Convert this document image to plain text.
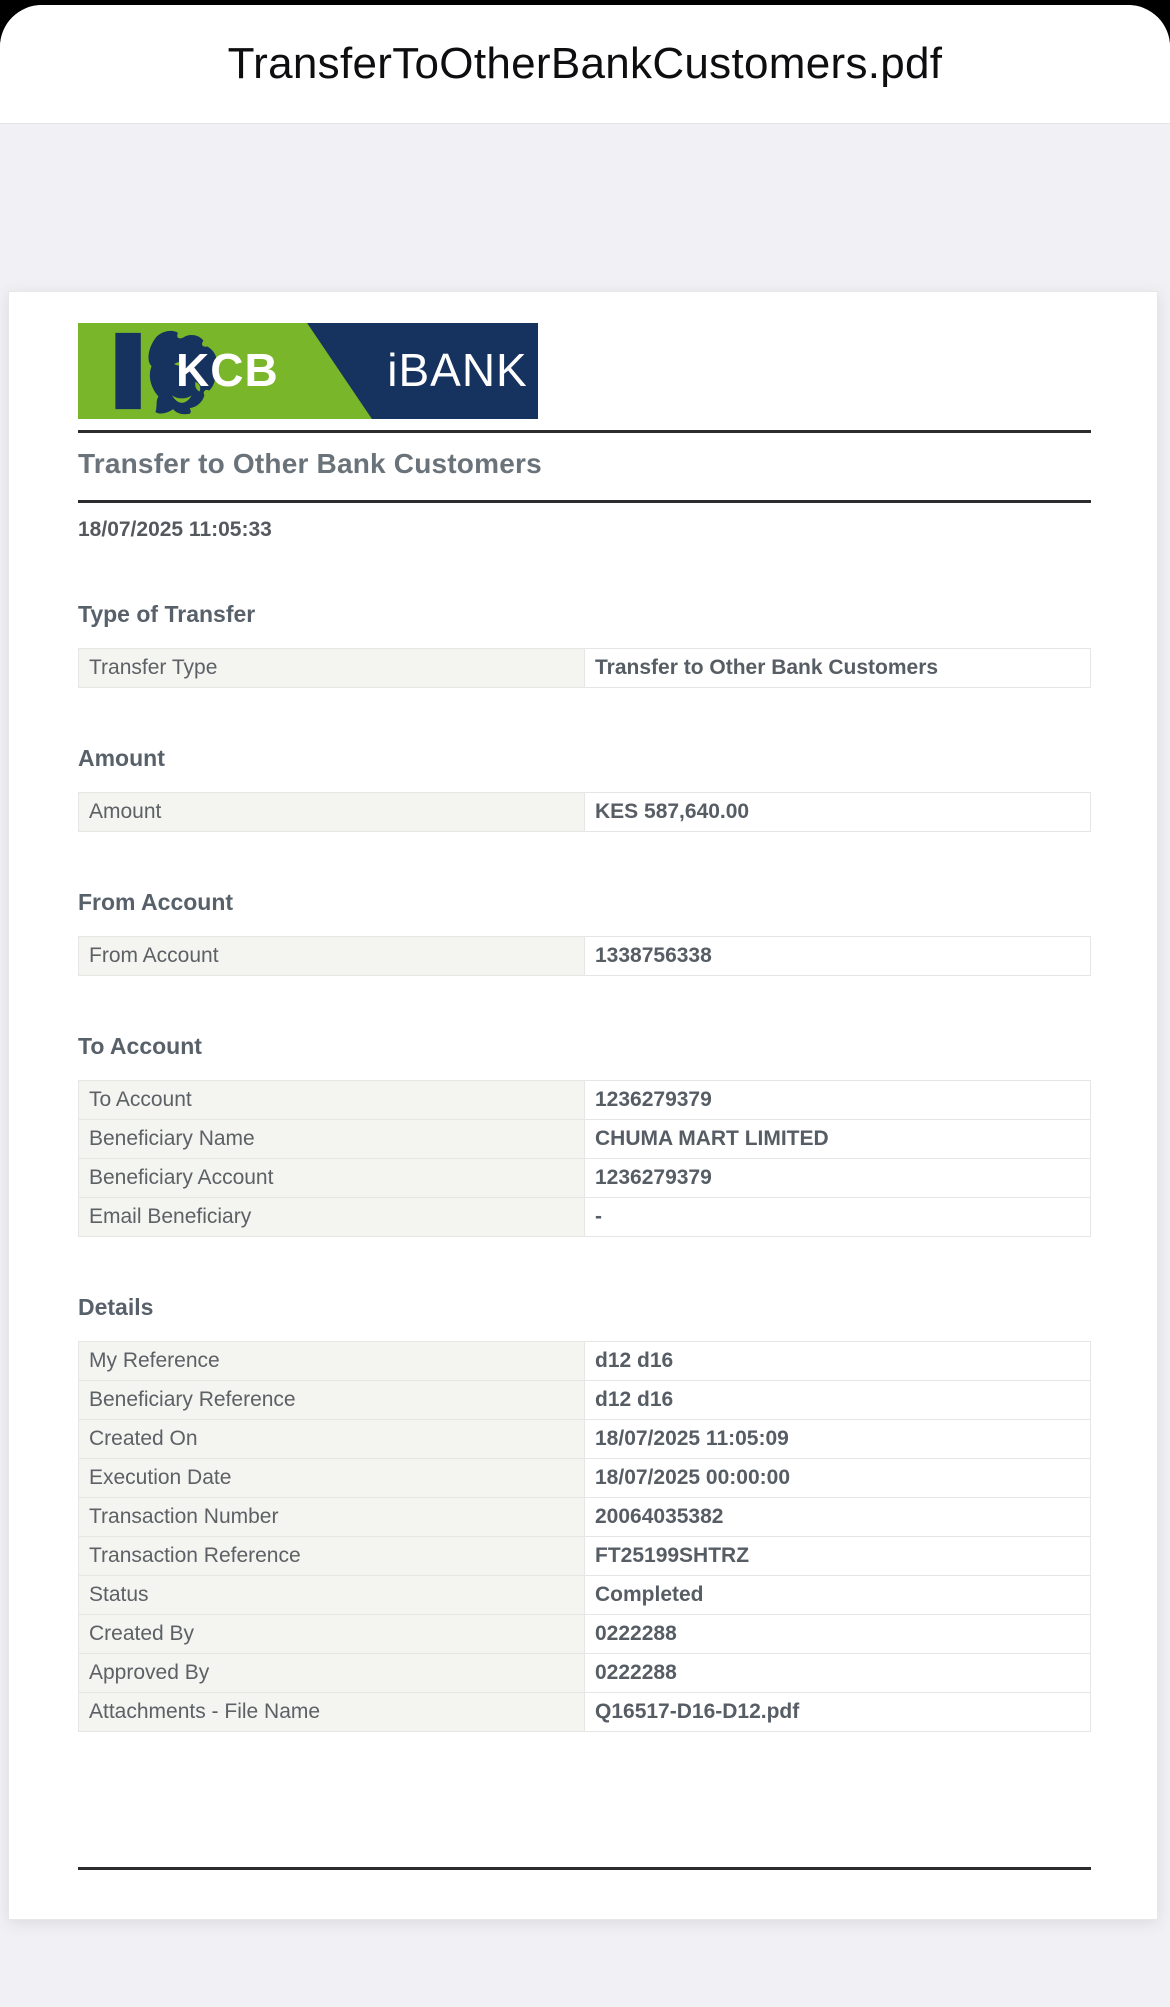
TransferToOtherBankCustomers.pdf
KCB iBANK
Transfer to Other Bank Customers
18/07/2025 11:05:33
Type of Transfer
Transfer Type	Transfer to Other Bank Customers
Amount
Amount	KES 587,640.00
From Account
From Account	1338756338
To Account
To Account	1236279379
Beneficiary Name	CHUMA MART LIMITED
Beneficiary Account	1236279379
Email Beneficiary	-
Details
My Reference	d12 d16
Beneficiary Reference	d12 d16
Created On	18/07/2025 11:05:09
Execution Date	18/07/2025 00:00:00
Transaction Number	20064035382
Transaction Reference	FT25199SHTRZ
Status	Completed
Created By	0222288
Approved By	0222288
Attachments - File Name	Q16517-D16-D12.pdf
